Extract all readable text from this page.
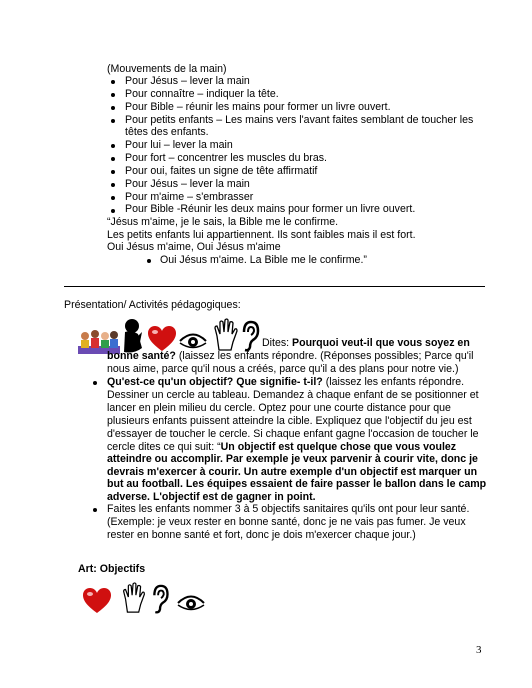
(Mouvements de la main)
Pour Jésus – lever la main
Pour connaître – indiquer la tête.
Pour Bible – réunir les mains pour former un livre ouvert.
Pour petits enfants – Les mains vers l'avant faites semblant de toucher les
têtes des enfants.
Pour lui – lever la main
Pour fort – concentrer les muscles du bras.
Pour oui, faites un signe de tête affirmatif
Pour Jésus – lever la main
Pour m'aime – s'embrasser
Pour Bible -Réunir les deux mains pour former un livre ouvert.
“Jésus m'aime, je le sais, la Bible me le confirme.
Les petits enfants lui appartiennent. Ils sont faibles mais il est fort.
Oui Jésus m'aime, Oui Jésus m'aime
Oui Jésus m'aime. La Bible me le confirme.”
Présentation/ Activités pédagogiques:
Dites: Pourquoi veut-il que vous soyez en
bonne santé? (laissez les enfants répondre. (Réponses possibles; Parce qu'il
nous aime, parce qu'il nous a créés, parce qu'il a des plans pour notre vie.)
Qu'est-ce qu'un objectif? Que signifie- t-il? (laissez les enfants répondre.
Dessiner un cercle au tableau. Demandez à chaque enfant de se positionner et
lancer en plein milieu du cercle. Optez pour une courte distance pour que
plusieurs enfants puissent atteindre la cible. Expliquez que l'objectif du jeu est
d'essayer de toucher le cercle. Si chaque enfant gagne l'occasion de toucher le
cercle dites ce qui suit: “Un objectif est quelque chose que vous voulez
atteindre ou accomplir. Par exemple je veux parvenir à courir vite, donc je
devrais m'exercer à courir. Un autre exemple d'un objectif est marquer un
but au football. Les équipes essaient de faire passer le ballon dans le camp
adverse. L'objectif est de gagner in point.
Faites les enfants nommer 3 à 5 objectifs sanitaires qu'ils ont pour leur santé.
(Exemple: je veux rester en bonne santé, donc je ne vais pas fumer. Je veux
rester en bonne santé et fort, donc je dois m'exercer chaque jour.)
Art: Objectifs
3
